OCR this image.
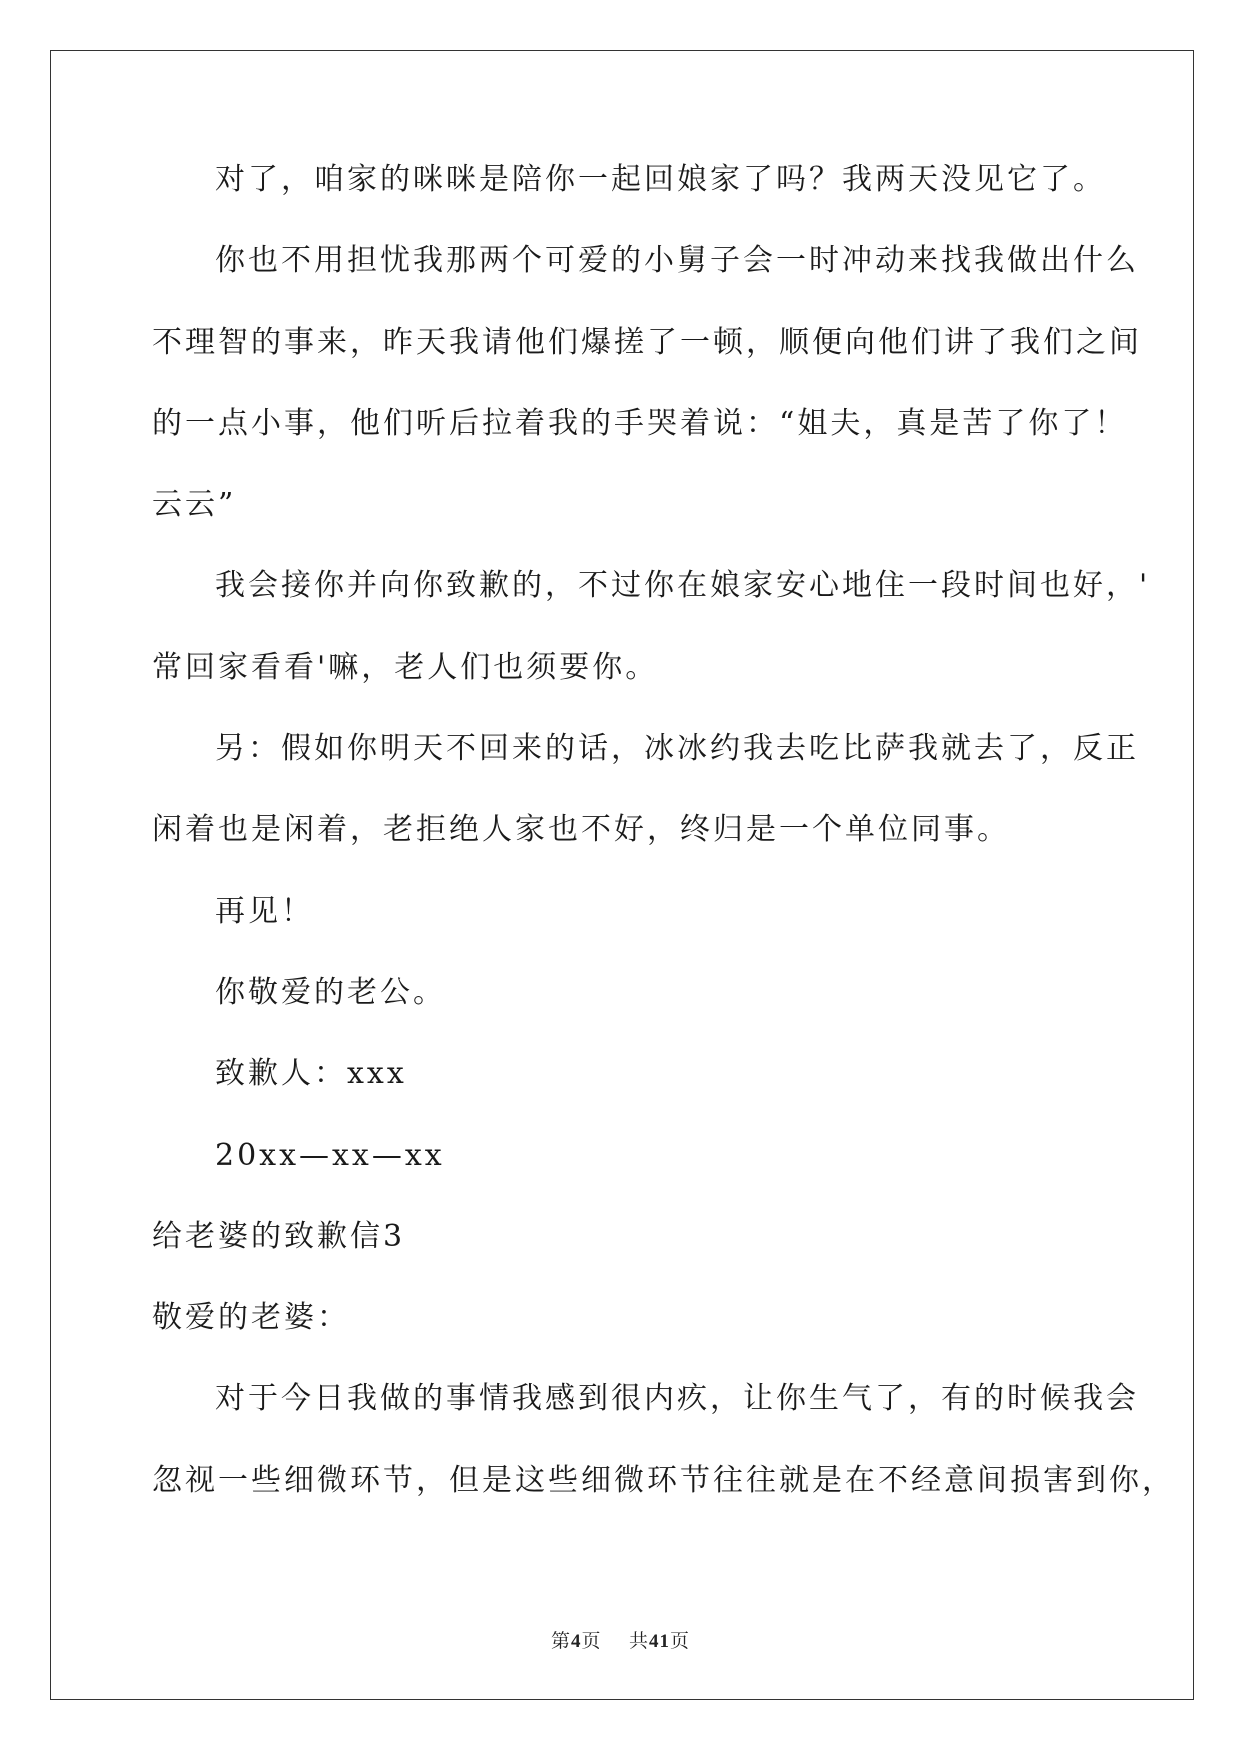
对了，咱家的咪咪是陪你一起回娘家了吗？我两天没见它了。
你也不用担忧我那两个可爱的小舅子会一时冲动来找我做出什么
不理智的事来，昨天我请他们爆搓了一顿，顺便向他们讲了我们之间
的一点小事，他们听后拉着我的手哭着说：“姐夫，真是苦了你了！
云云”
我会接你并向你致歉的，不过你在娘家安心地住一段时间也好，'
常回家看看'嘛，老人们也须要你。
另：假如你明天不回来的话，冰冰约我去吃比萨我就去了，反正
闲着也是闲着，老拒绝人家也不好，终归是一个单位同事。
再见！
你敬爱的老公。
致歉人：xxx
20xx—xx—xx
给老婆的致歉信3
敬爱的老婆：
对于今日我做的事情我感到很内疚，让你生气了，有的时候我会
忽视一些细微环节，但是这些细微环节往往就是在不经意间损害到你，
第4页 共41页
